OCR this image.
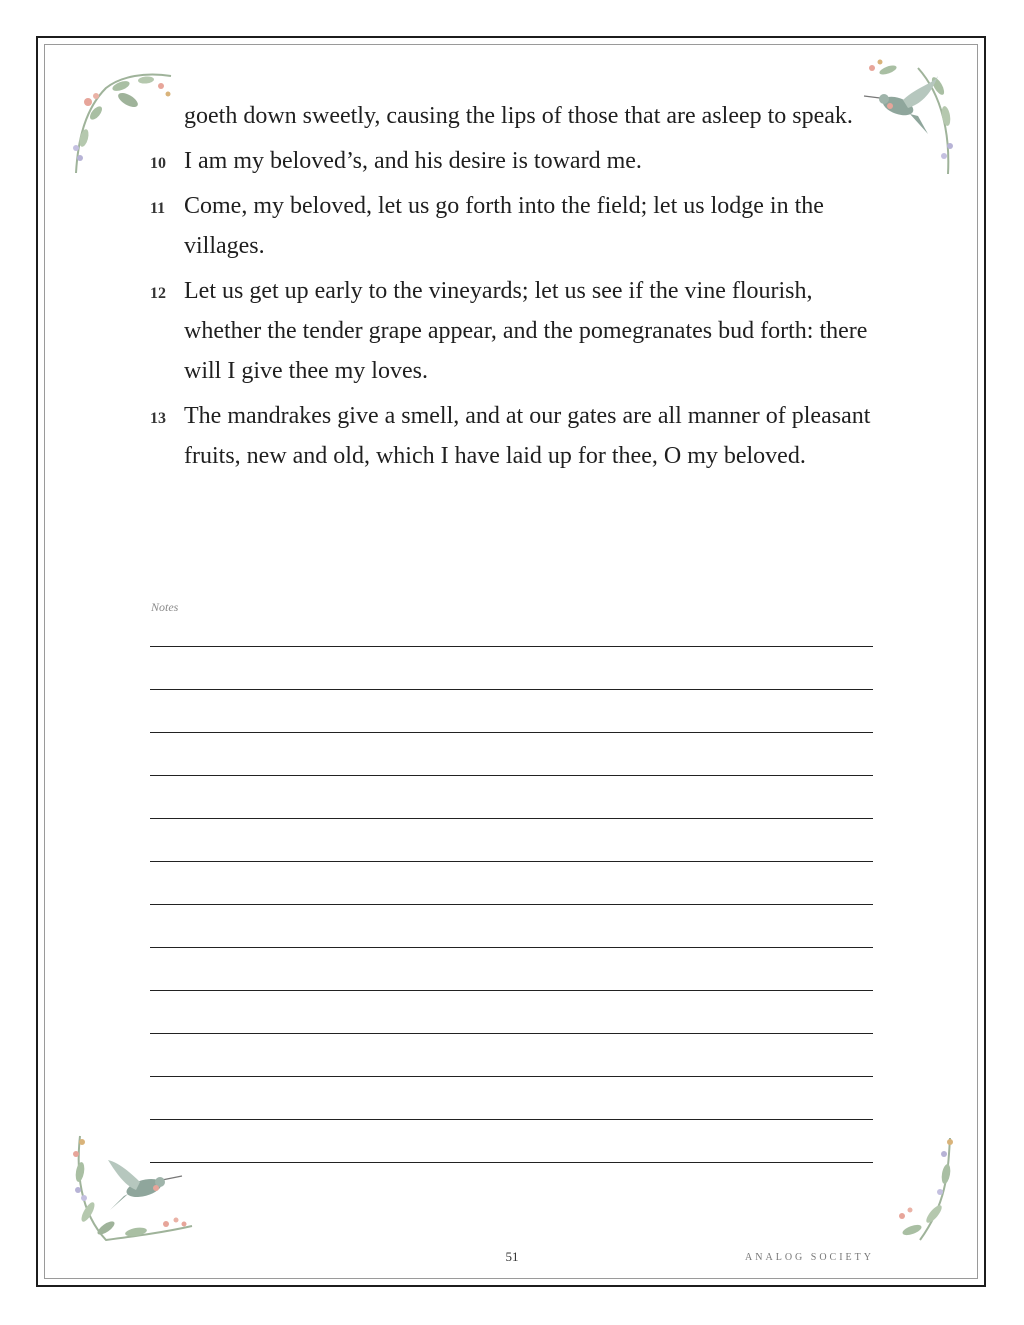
goeth down sweetly, causing the lips of those that are asleep to speak.
10 I am my beloved’s, and his desire is toward me.
11 Come, my beloved, let us go forth into the field; let us lodge in the villages.
12 Let us get up early to the vineyards; let us see if the vine flourish, whether the tender grape appear, and the pomegranates bud forth: there will I give thee my loves.
13 The mandrakes give a smell, and at our gates are all manner of pleasant fruits, new and old, which I have laid up for thee, O my beloved.
Notes
51	ANALOG SOCIETY
